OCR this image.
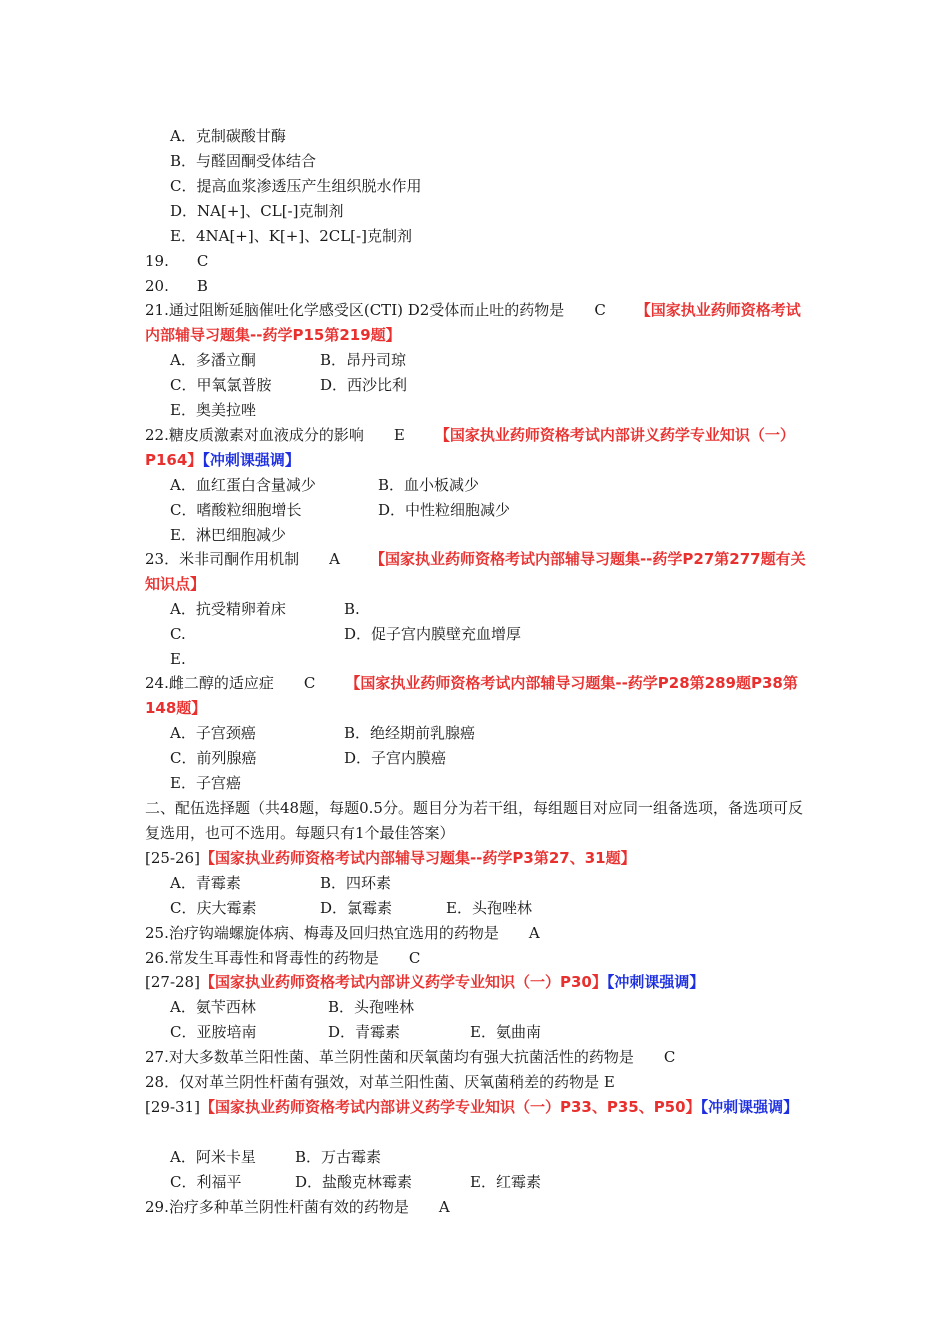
A．克制碳酸甘酶
B．与醛固酮受体结合
C．提高血浆渗透压产生组织脱水作用
D．NA[+]、CL[-]克制剂
E．4NA[+]、K[+]、2CL[-]克制剂
19. C
20. B
21.通过阻断延脑催吐化学感受区(CTI) D2受体而止吐的药物是 C 【国家执业药师资格考试内部辅导习题集--药学P15第219题】
A．多潘立酮	B．昂丹司琼
C．甲氧氯普胺	D．西沙比利
E．奥美拉唑
22.糖皮质激素对血液成分的影响 E 【国家执业药师资格考试内部讲义药学专业知识（一）P164】【冲刺课强调】
A．血红蛋白含量减少	B．血小板减少
C．嗜酸粒细胞增长	D．中性粒细胞减少
E．淋巴细胞减少
23．米非司酮作用机制 A 【国家执业药师资格考试内部辅导习题集--药学P27第277题有关知识点】
A．抗受精卵着床	B.
C.	D．促子宫内膜壁充血增厚
E.
24.雌二醇的适应症 C 【国家执业药师资格考试内部辅导习题集--药学P28第289题P38第148题】
A．子宫颈癌	B．绝经期前乳腺癌
C．前列腺癌	D．子宫内膜癌
E．子宫癌
二、配伍选择题（共48题，每题0.5分。题目分为若干组，每组题目对应同一组备选项，备选项可反复选用，也可不选用。每题只有1个最佳答案）
[25-26]【国家执业药师资格考试内部辅导习题集--药学P3第27、31题】
A．青霉素	B．四环素
C．庆大霉素	D．氯霉素	E．头孢唑林
25.治疗钩端螺旋体病、梅毒及回归热宜选用的药物是 A
26.常发生耳毒性和肾毒性的药物是 C
[27-28]【国家执业药师资格考试内部讲义药学专业知识（一）P30】【冲刺课强调】
A．氨苄西林	B．头孢唑林
C．亚胺培南	D．青霉素	E．氨曲南
27.对大多数革兰阳性菌、革兰阴性菌和厌氧菌均有强大抗菌活性的药物是 C
28．仅对革兰阴性杆菌有强效，对革兰阳性菌、厌氧菌稍差的药物是 E
[29-31]【国家执业药师资格考试内部讲义药学专业知识（一）P33、P35、P50】【冲刺课强调】
A．阿米卡星	B．万古霉素
C．利福平	D．盐酸克林霉素	E．红霉素
29.治疗多种革兰阴性杆菌有效的药物是 A
